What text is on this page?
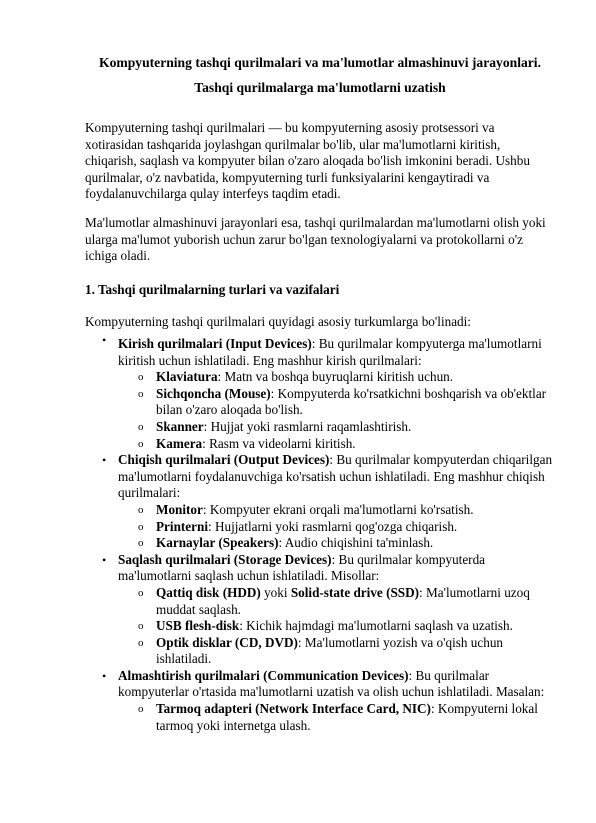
Kompyuterning tashqi qurilmalari va ma'lumotlar almashinuvi jarayonlari.
Tashqi qurilmalarga ma'lumotlarni uzatish
Kompyuterning tashqi qurilmalari — bu kompyuterning asosiy protsessori va xotirasidan tashqarida joylashgan qurilmalar bo'lib, ular ma'lumotlarni kiritish, chiqarish, saqlash va kompyuter bilan o'zaro aloqada bo'lish imkonini beradi. Ushbu qurilmalar, o'z navbatida, kompyuterning turli funksiyalarini kengaytiradi va foydalanuvchilarga qulay interfeys taqdim etadi.
Ma'lumotlar almashinuvi jarayonlari esa, tashqi qurilmalardan ma'lumotlarni olish yoki ularga ma'lumot yuborish uchun zarur bo'lgan texnologiyalarni va protokollarni o'z ichiga oladi.
1. Tashqi qurilmalarning turlari va vazifalari
Kompyuterning tashqi qurilmalari quyidagi asosiy turkumlarga bo'linadi:
• Kirish qurilmalari (Input Devices): Bu qurilmalar kompyuterga ma'lumotlarni kiritish uchun ishlatiladi. Eng mashhur kirish qurilmalari:
o Klaviatura: Matn va boshqa buyruqlarni kiritish uchun.
o Sichqoncha (Mouse): Kompyuterda ko'rsatkichni boshqarish va ob'ektlar bilan o'zaro aloqada bo'lish.
o Skanner: Hujjat yoki rasmlarni raqamlashtirish.
o Kamera: Rasm va videolarni kiritish.
• Chiqish qurilmalari (Output Devices): Bu qurilmalar kompyuterdan chiqarilgan ma'lumotlarni foydalanuvchiga ko'rsatish uchun ishlatiladi. Eng mashhur chiqish qurilmalari:
o Monitor: Kompyuter ekrani orqali ma'lumotlarni ko'rsatish.
o Printerni: Hujjatlarni yoki rasmlarni qog'ozga chiqarish.
o Karnaylar (Speakers): Audio chiqishini ta'minlash.
• Saqlash qurilmalari (Storage Devices): Bu qurilmalar kompyuterda ma'lumotlarni saqlash uchun ishlatiladi. Misollar:
o Qattiq disk (HDD) yoki Solid-state drive (SSD): Ma'lumotlarni uzoq muddat saqlash.
o USB flesh-disk: Kichik hajmdagi ma'lumotlarni saqlash va uzatish.
o Optik disklar (CD, DVD): Ma'lumotlarni yozish va o'qish uchun ishlatiladi.
• Almashtirish qurilmalari (Communication Devices): Bu qurilmalar kompyuterlar o'rtasida ma'lumotlarni uzatish va olish uchun ishlatiladi. Masalan:
o Tarmoq adapteri (Network Interface Card, NIC): Kompyuterni lokal tarmoq yoki internetga ulash.
